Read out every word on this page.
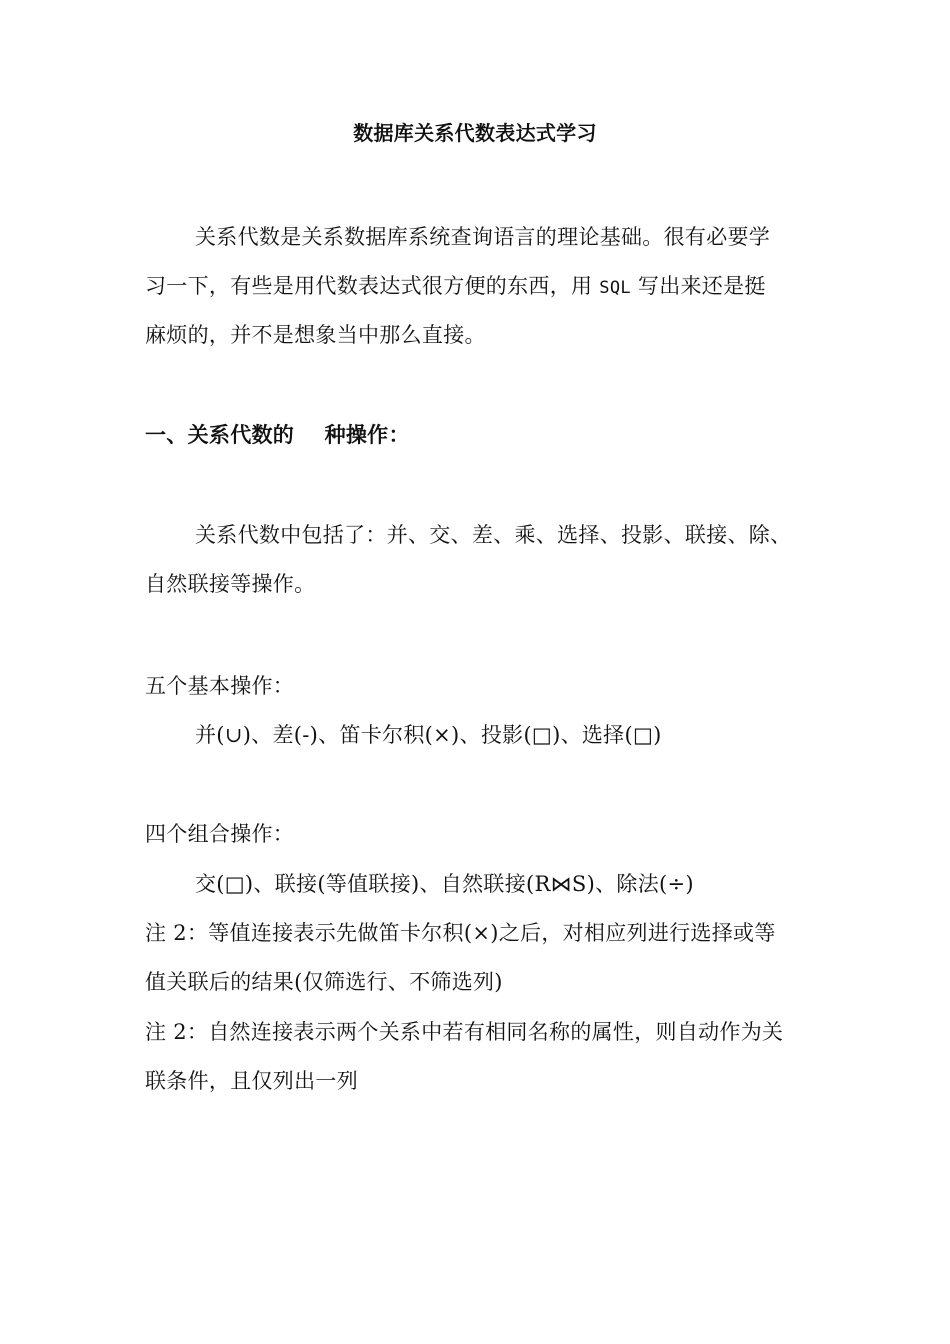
数据库关系代数表达式学习
关系代数是关系数据库系统查询语言的理论基础。很有必要学
习一下，有些是用代数表达式很方便的东西，用 SQL 写出来还是挺
麻烦的，并不是想象当中那么直接。
一、关系代数的 种操作：
关系代数中包括了：并、交、差、乘、选择、投影、联接、除、
自然联接等操作。
五个基本操作：
并(∪)、差(-)、笛卡尔积(×)、投影(□)、选择(□)
四个组合操作：
交(□)、联接(等值联接)、自然联接(R⋈S)、除法(÷)
注 2：等值连接表示先做笛卡尔积(×)之后，对相应列进行选择或等
值关联后的结果(仅筛选行、不筛选列)
注 2：自然连接表示两个关系中若有相同名称的属性，则自动作为关
联条件，且仅列出一列
